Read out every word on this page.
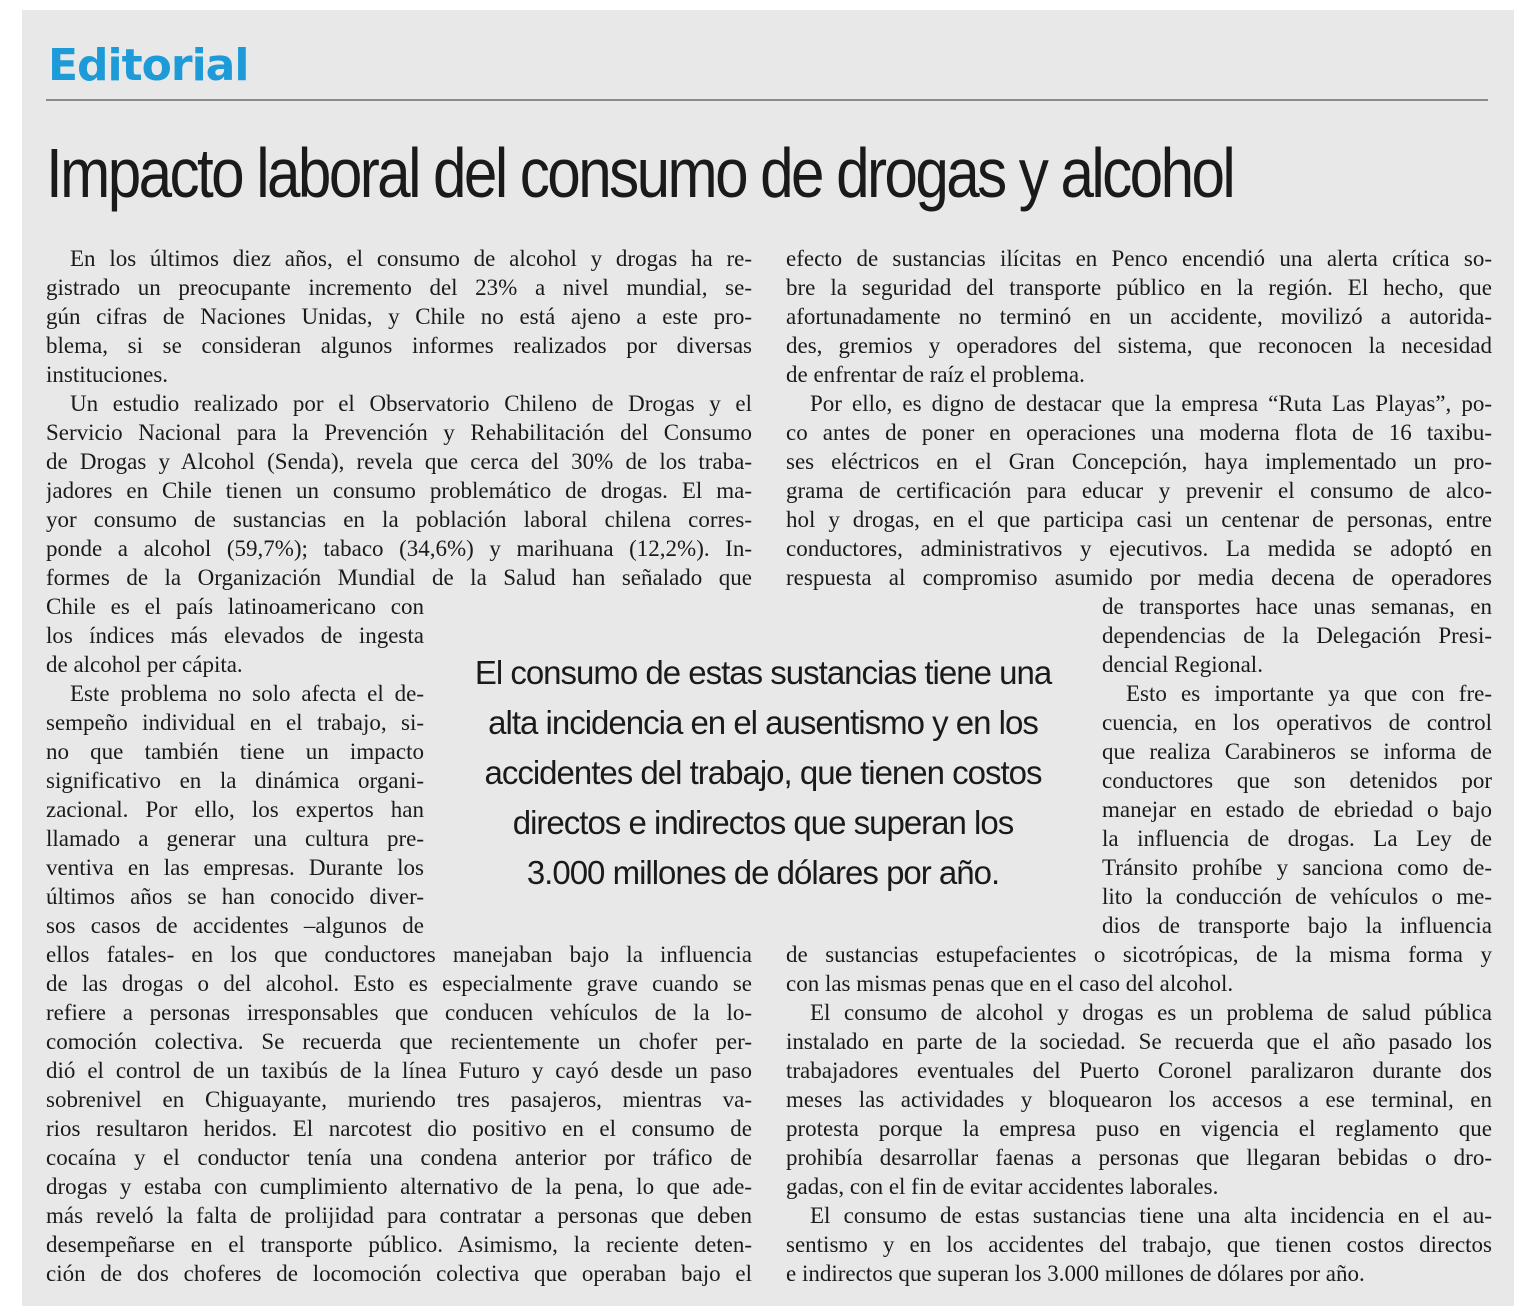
Editorial
Impacto laboral del consumo de drogas y alcohol
En los últimos diez años, el consumo de alcohol y drogas ha re-
gistrado un preocupante incremento del 23% a nivel mundial, se-
gún cifras de Naciones Unidas, y Chile no está ajeno a este pro-
blema, si se consideran algunos informes realizados por diversas
instituciones.
Un estudio realizado por el Observatorio Chileno de Drogas y el
Servicio Nacional para la Prevención y Rehabilitación del Consumo
de Drogas y Alcohol (Senda), revela que cerca del 30% de los traba-
jadores en Chile tienen un consumo problemático de drogas. El ma-
yor consumo de sustancias en la población laboral chilena corres-
ponde a alcohol (59,7%); tabaco (34,6%) y marihuana (12,2%). In-
formes de la Organización Mundial de la Salud han señalado que
Chile es el país latinoamericano con
los índices más elevados de ingesta
de alcohol per cápita.
Este problema no solo afecta el de-
sempeño individual en el trabajo, si-
no que también tiene un impacto
significativo en la dinámica organi-
zacional. Por ello, los expertos han
llamado a generar una cultura pre-
ventiva en las empresas. Durante los
últimos años se han conocido diver-
sos casos de accidentes –algunos de
ellos fatales- en los que conductores manejaban bajo la influencia
de las drogas o del alcohol. Esto es especialmente grave cuando se
refiere a personas irresponsables que conducen vehículos de la lo-
comoción colectiva. Se recuerda que recientemente un chofer per-
dió el control de un taxibús de la línea Futuro y cayó desde un paso
sobrenivel en Chiguayante, muriendo tres pasajeros, mientras va-
rios resultaron heridos. El narcotest dio positivo en el consumo de
cocaína y el conductor tenía una condena anterior por tráfico de
drogas y estaba con cumplimiento alternativo de la pena, lo que ade-
más reveló la falta de prolijidad para contratar a personas que deben
desempeñarse en el transporte público. Asimismo, la reciente deten-
ción de dos choferes de locomoción colectiva que operaban bajo el
efecto de sustancias ilícitas en Penco encendió una alerta crítica so-
bre la seguridad del transporte público en la región. El hecho, que
afortunadamente no terminó en un accidente, movilizó a autorida-
des, gremios y operadores del sistema, que reconocen la necesidad
de enfrentar de raíz el problema.
Por ello, es digno de destacar que la empresa “Ruta Las Playas”, po-
co antes de poner en operaciones una moderna flota de 16 taxibu-
ses eléctricos en el Gran Concepción, haya implementado un pro-
grama de certificación para educar y prevenir el consumo de alco-
hol y drogas, en el que participa casi un centenar de personas, entre
conductores, administrativos y ejecutivos. La medida se adoptó en
respuesta al compromiso asumido por media decena de operadores
de transportes hace unas semanas, en
dependencias de la Delegación Presi-
dencial Regional.
Esto es importante ya que con fre-
cuencia, en los operativos de control
que realiza Carabineros se informa de
conductores que son detenidos por
manejar en estado de ebriedad o bajo
la influencia de drogas. La Ley de
Tránsito prohíbe y sanciona como de-
lito la conducción de vehículos o me-
dios de transporte bajo la influencia
de sustancias estupefacientes o sicotrópicas, de la misma forma y
con las mismas penas que en el caso del alcohol.
El consumo de alcohol y drogas es un problema de salud pública
instalado en parte de la sociedad. Se recuerda que el año pasado los
trabajadores eventuales del Puerto Coronel paralizaron durante dos
meses las actividades y bloquearon los accesos a ese terminal, en
protesta porque la empresa puso en vigencia el reglamento que
prohibía desarrollar faenas a personas que llegaran bebidas o dro-
gadas, con el fin de evitar accidentes laborales.
El consumo de estas sustancias tiene una alta incidencia en el au-
sentismo y en los accidentes del trabajo, que tienen costos directos
e indirectos que superan los 3.000 millones de dólares por año.
El consumo de estas sustancias tiene una
alta incidencia en el ausentismo y en los
accidentes del trabajo, que tienen costos
directos e indirectos que superan los
3.000 millones de dólares por año.
